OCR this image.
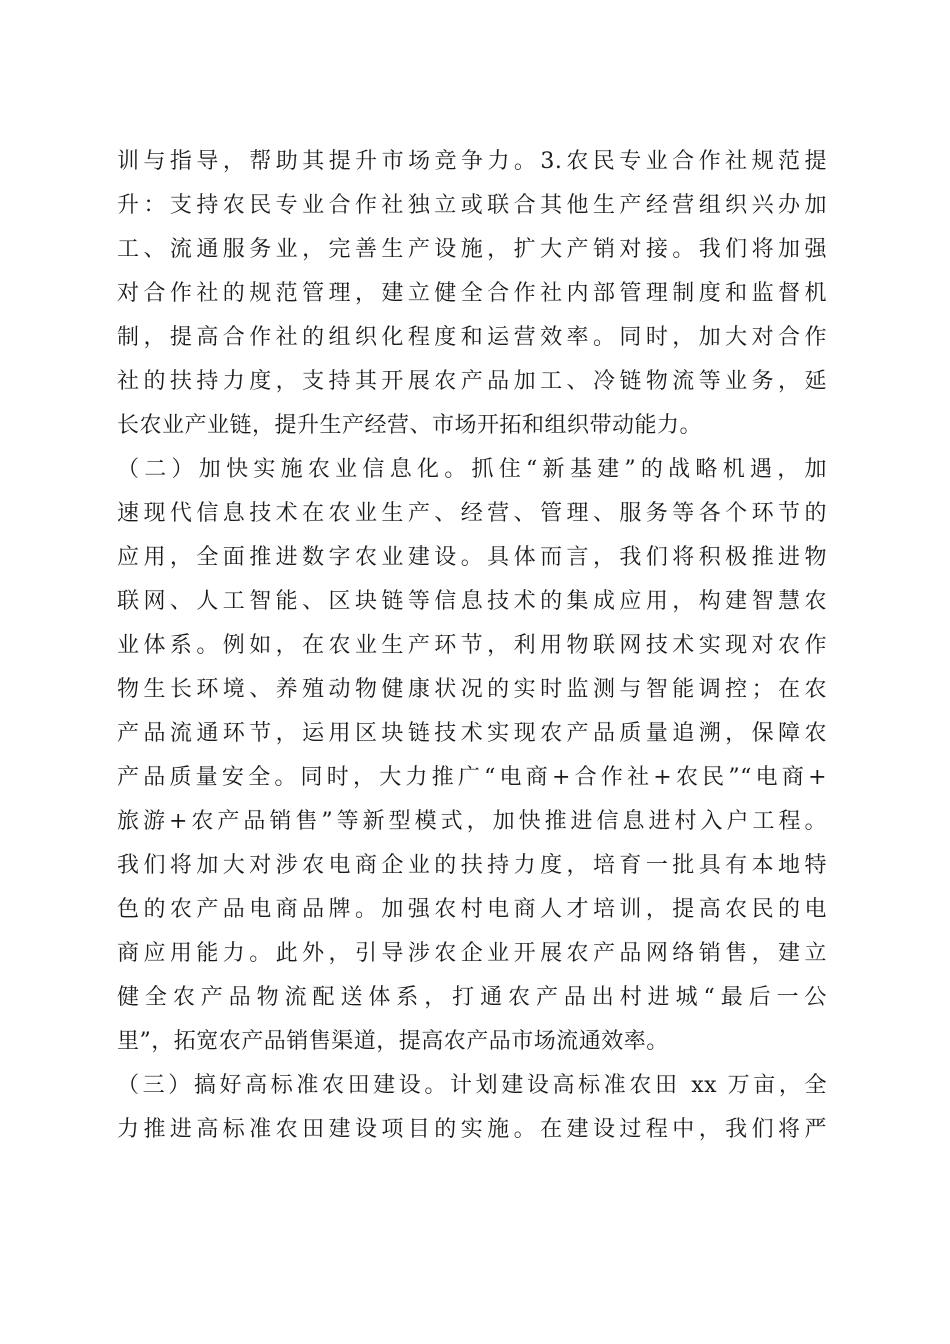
训与指导，帮助其提升市场竞争力。3.农民专业合作社规范提
升：支持农民专业合作社独立或联合其他生产经营组织兴办加
工、流通服务业，完善生产设施，扩大产销对接。我们将加强
对合作社的规范管理，建立健全合作社内部管理制度和监督机
制，提高合作社的组织化程度和运营效率。同时，加大对合作
社的扶持力度，支持其开展农产品加工、冷链物流等业务，延
长农业产业链，提升生产经营、市场开拓和组织带动能力。
（二）加快实施农业信息化。抓住“新基建”的战略机遇，加
速现代信息技术在农业生产、经营、管理、服务等各个环节的
应用，全面推进数字农业建设。具体而言，我们将积极推进物
联网、人工智能、区块链等信息技术的集成应用，构建智慧农
业体系。例如，在农业生产环节，利用物联网技术实现对农作
物生长环境、养殖动物健康状况的实时监测与智能调控；在农
产品流通环节，运用区块链技术实现农产品质量追溯，保障农
产品质量安全。同时，大力推广“电商+合作社+农民”“电商+
旅游+农产品销售”等新型模式，加快推进信息进村入户工程。
我们将加大对涉农电商企业的扶持力度，培育一批具有本地特
色的农产品电商品牌。加强农村电商人才培训，提高农民的电
商应用能力。此外，引导涉农企业开展农产品网络销售，建立
健全农产品物流配送体系，打通农产品出村进城“最后一公
里”，拓宽农产品销售渠道，提高农产品市场流通效率。
（三）搞好高标准农田建设。计划建设高标准农田 xx 万亩，全
力推进高标准农田建设项目的实施。在建设过程中，我们将严
